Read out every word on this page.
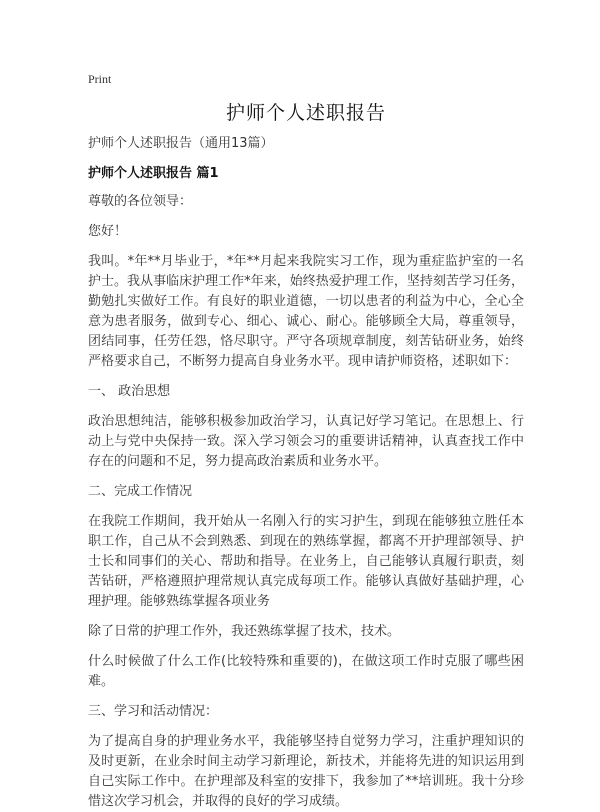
Print
护师个人述职报告
护师个人述职报告（通用13篇）
护师个人述职报告 篇1

尊敬的各位领导：

您好！

我叫。*年**月毕业于，*年**月起来我院实习工作，现为重症监护室的一名护士。我从事临床护理工作*年来，始终热爱护理工作，坚持刻苦学习任务，勤勉扎实做好工作。有良好的职业道德，一切以患者的利益为中心，全心全意为患者服务，做到专心、细心、诚心、耐心。能够顾全大局，尊重领导，团结同事，任劳任怨，恪尽职守。严守各项规章制度，刻苦钻研业务，始终严格要求自己，不断努力提高自身业务水平。现申请护师资格，述职如下：

一、 政治思想

政治思想纯洁，能够积极参加政治学习，认真记好学习笔记。在思想上、行动上与党中央保持一致。深入学习领会习的重要讲话精神，认真查找工作中存在的问题和不足，努力提高政治素质和业务水平。

二、完成工作情况

在我院工作期间，我开始从一名刚入行的实习护生，到现在能够独立胜任本职工作，自己从不会到熟悉、到现在的熟练掌握，都离不开护理部领导、护士长和同事们的关心、帮助和指导。在业务上，自己能够认真履行职责，刻苦钻研，严格遵照护理常规认真完成每项工作。能够认真做好基础护理，心理护理。能够熟练掌握各项业务

除了日常的护理工作外，我还熟练掌握了技术，技术。

什么时候做了什么工作(比较特殊和重要的)，在做这项工作时克服了哪些困难。

三、学习和活动情况：

为了提高自身的护理业务水平，我能够坚持自觉努力学习，注重护理知识的及时更新，在业余时间主动学习新理论，新技术，并能将先进的知识运用到自己实际工作中。在护理部及科室的安排下，我参加了**培训班。我十分珍惜这次学习机会，并取得的良好的学习成绩。
